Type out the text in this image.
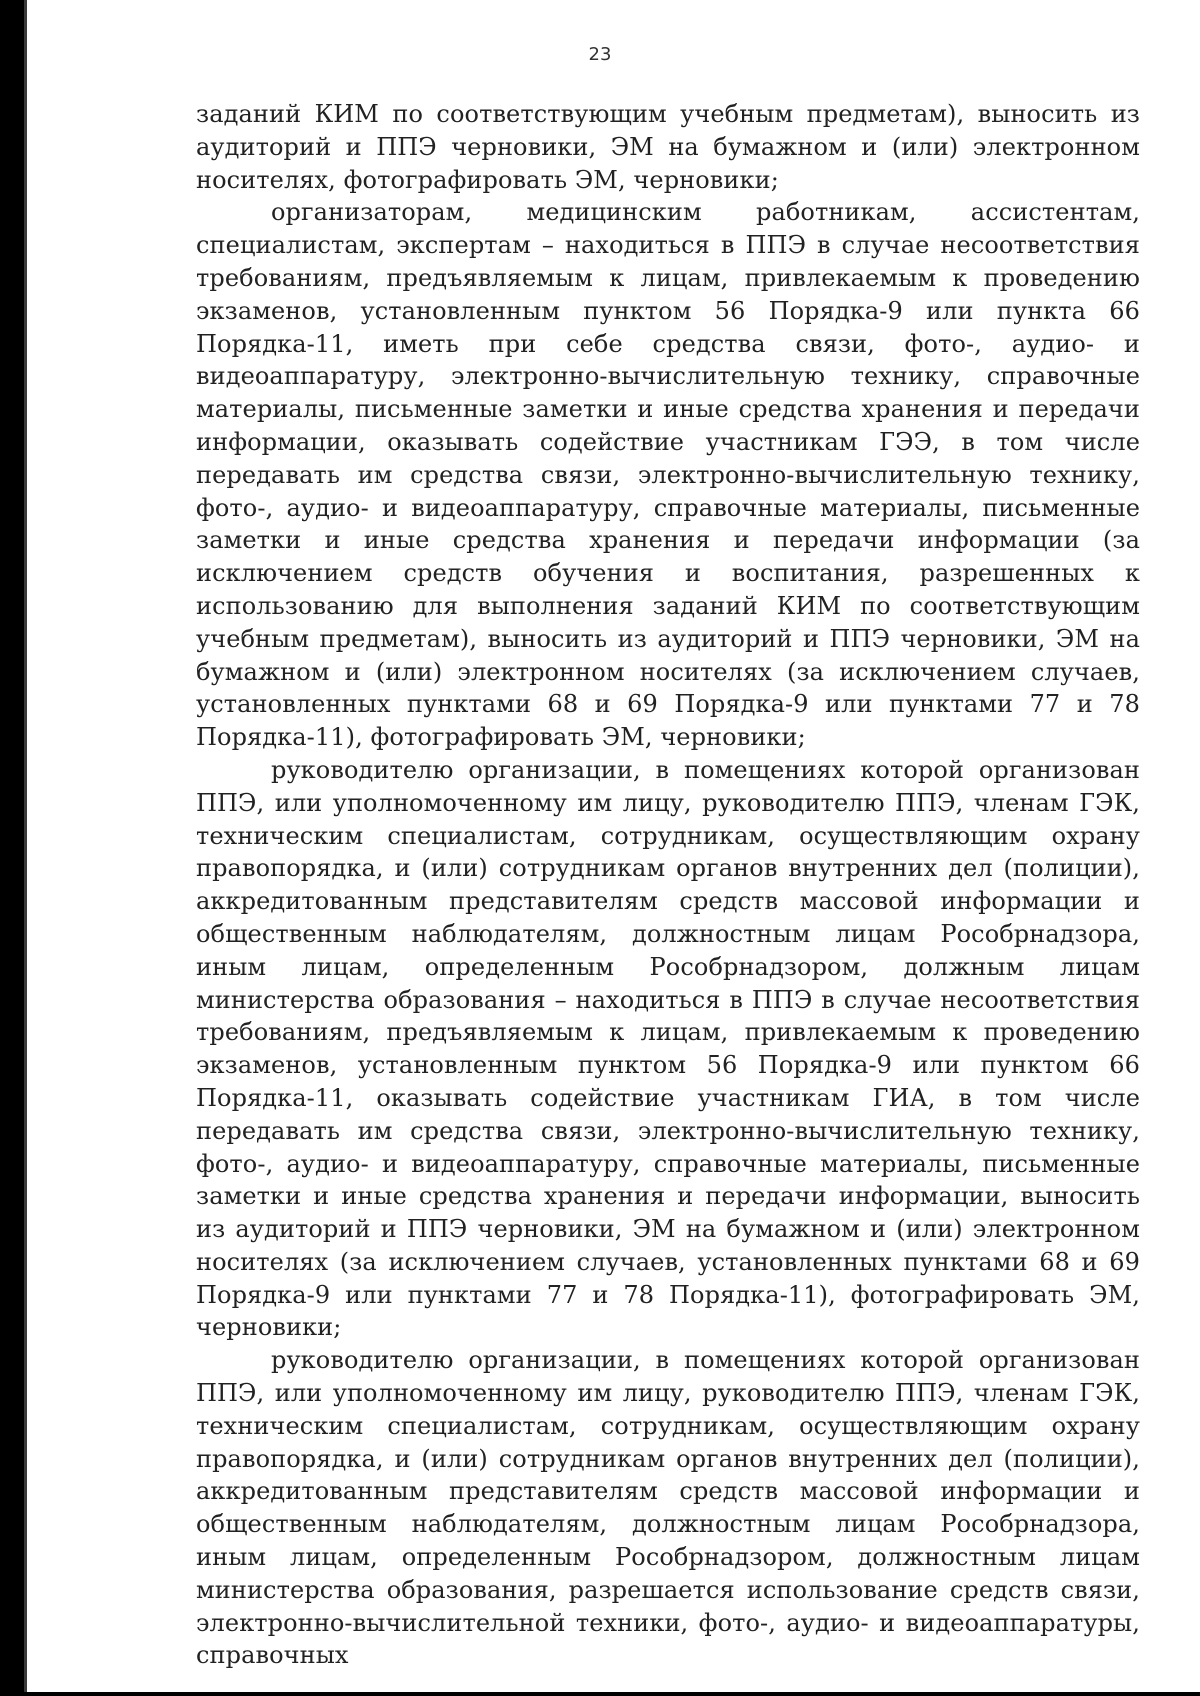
23

заданий КИМ по соответствующим учебным предметам), выносить из аудиторий и ППЭ черновики, ЭМ на бумажном и (или) электронном носителях, фотографировать ЭМ, черновики;

организаторам, медицинским работникам, ассистентам, специалистам, экспертам – находиться в ППЭ в случае несоответствия требованиям, предъявляемым к лицам, привлекаемым к проведению экзаменов, установленным пунктом 56 Порядка-9 или пункта 66 Порядка-11, иметь при себе средства связи, фото-, аудио- и видеоаппаратуру, электронно-вычислительную технику, справочные материалы, письменные заметки и иные средства хранения и передачи информации, оказывать содействие участникам ГЭЭ, в том числе передавать им средства связи, электронно-вычислительную технику, фото-, аудио- и видеоаппаратуру, справочные материалы, письменные заметки и иные средства хранения и передачи информации (за исключением средств обучения и воспитания, разрешенных к использованию для выполнения заданий КИМ по соответствующим учебным предметам), выносить из аудиторий и ППЭ черновики, ЭМ на бумажном и (или) электронном носителях (за исключением случаев, установленных пунктами 68 и 69 Порядка-9 или пунктами 77 и 78 Порядка-11), фотографировать ЭМ, черновики;

руководителю организации, в помещениях которой организован ППЭ, или уполномоченному им лицу, руководителю ППЭ, членам ГЭК, техническим специалистам, сотрудникам, осуществляющим охрану правопорядка, и (или) сотрудникам органов внутренних дел (полиции), аккредитованным представителям средств массовой информации и общественным наблюдателям, должностным лицам Рособрнадзора, иным лицам, определенным Рособрнадзором, должным лицам министерства образования – находиться в ППЭ в случае несоответствия требованиям, предъявляемым к лицам, привлекаемым к проведению экзаменов, установленным пунктом 56 Порядка-9 или пунктом 66 Порядка-11, оказывать содействие участникам ГИА, в том числе передавать им средства связи, электронно-вычислительную технику, фото-, аудио- и видеоаппаратуру, справочные материалы, письменные заметки и иные средства хранения и передачи информации, выносить из аудиторий и ППЭ черновики, ЭМ на бумажном и (или) электронном носителях (за исключением случаев, установленных пунктами 68 и 69 Порядка-9 или пунктами 77 и 78 Порядка-11), фотографировать ЭМ, черновики;

руководителю организации, в помещениях которой организован ППЭ, или уполномоченному им лицу, руководителю ППЭ, членам ГЭК, техническим специалистам, сотрудникам, осуществляющим охрану правопорядка, и (или) сотрудникам органов внутренних дел (полиции), аккредитованным представителям средств массовой информации и общественным наблюдателям, должностным лицам Рособрнадзора, иным лицам, определенным Рособрнадзором, должностным лицам министерства образования, разрешается использование средств связи, электронно-вычислительной техники, фото-, аудио- и видеоаппаратуры, справочных
